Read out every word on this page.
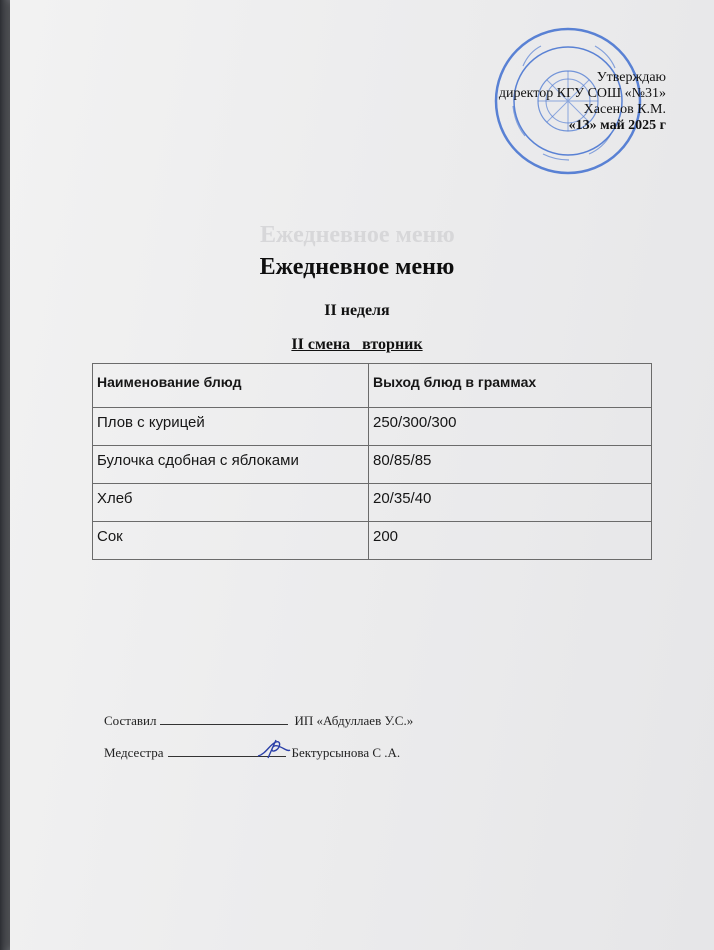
Ежедневное меню
Утверждаю
директор КГУ СОШ «№31»
Хасенов К.М.
«13» май 2025 г
Ежедневное меню
II неделя
II смена   вторник
Наименование блюд	Выход блюд в граммах
Плов с курицей	250/300/300
Булочка сдобная с яблоками	80/85/85
Хлеб	20/35/40
Сок	200
Составил	ИП «Абдуллаев У.С.»
Медсестра	Бектурсынова С .А.
